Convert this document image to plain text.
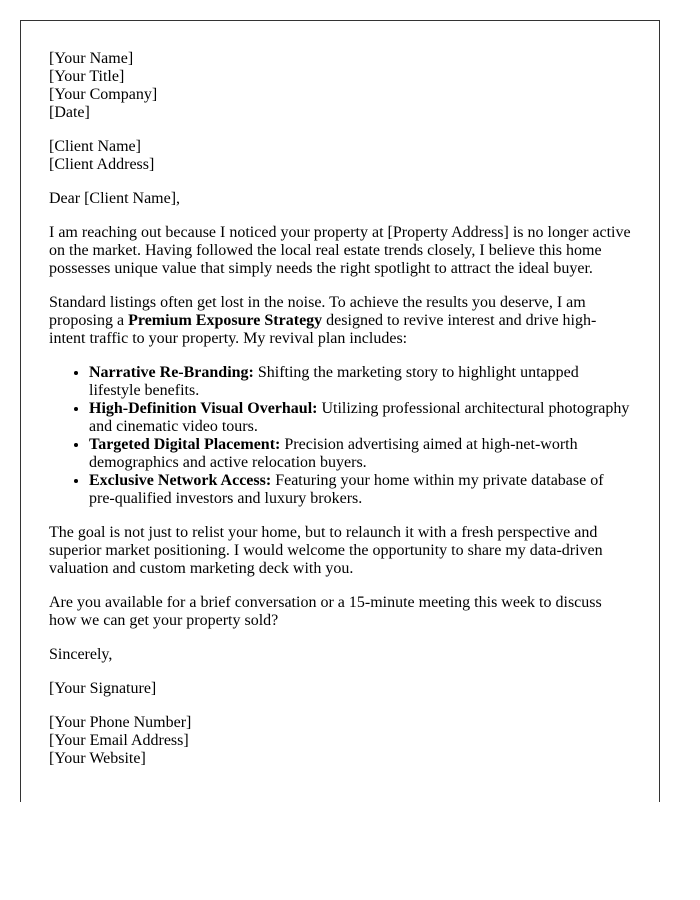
[Your Name]
[Your Title]
[Your Company]
[Date]

[Client Name]
[Client Address]

Dear [Client Name],

I am reaching out because I noticed your property at [Property Address] is no longer active on the market. Having followed the local real estate trends closely, I believe this home possesses unique value that simply needs the right spotlight to attract the ideal buyer.

Standard listings often get lost in the noise. To achieve the results you deserve, I am proposing a Premium Exposure Strategy designed to revive interest and drive high-intent traffic to your property. My revival plan includes:

• Narrative Re-Branding: Shifting the marketing story to highlight untapped lifestyle benefits.
• High-Definition Visual Overhaul: Utilizing professional architectural photography and cinematic video tours.
• Targeted Digital Placement: Precision advertising aimed at high-net-worth demographics and active relocation buyers.
• Exclusive Network Access: Featuring your home within my private database of pre-qualified investors and luxury brokers.

The goal is not just to relist your home, but to relaunch it with a fresh perspective and superior market positioning. I would welcome the opportunity to share my data-driven valuation and custom marketing deck with you.

Are you available for a brief conversation or a 15-minute meeting this week to discuss how we can get your property sold?

Sincerely,

[Your Signature]

[Your Phone Number]
[Your Email Address]
[Your Website]
